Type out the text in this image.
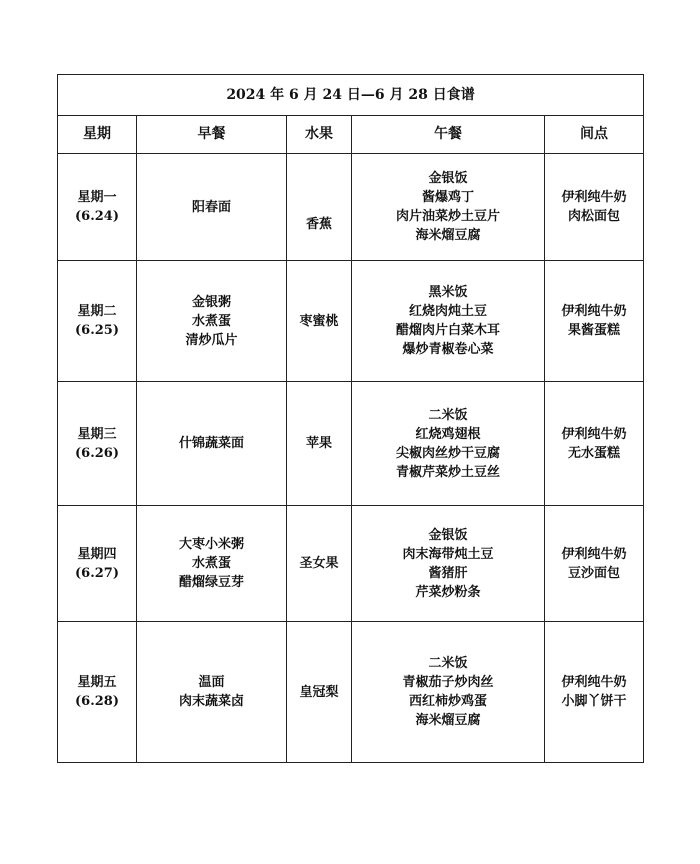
2024 年 6 月 24 日—6 月 28 日食谱				
星期	早餐	水果	午餐	间点

星期一
(6.24)	阳春面	香蕉	金银饭
酱爆鸡丁
肉片油菜炒土豆片
海米熘豆腐	伊利纯牛奶
肉松面包

星期二
(6.25)	金银粥
水煮蛋
清炒瓜片	枣蜜桃	黑米饭
红烧肉炖土豆
醋熘肉片白菜木耳
爆炒青椒卷心菜	伊利纯牛奶
果酱蛋糕

星期三
(6.26)	什锦蔬菜面	苹果	二米饭
红烧鸡翅根
尖椒肉丝炒干豆腐
青椒芹菜炒土豆丝	伊利纯牛奶
无水蛋糕

星期四
(6.27)	大枣小米粥
水煮蛋
醋熘绿豆芽	圣女果	金银饭
肉末海带炖土豆
酱猪肝
芹菜炒粉条	伊利纯牛奶
豆沙面包

星期五
(6.28)	温面
肉末蔬菜卤	皇冠梨	二米饭
青椒茄子炒肉丝
西红柿炒鸡蛋
海米熘豆腐	伊利纯牛奶
小脚丫饼干
